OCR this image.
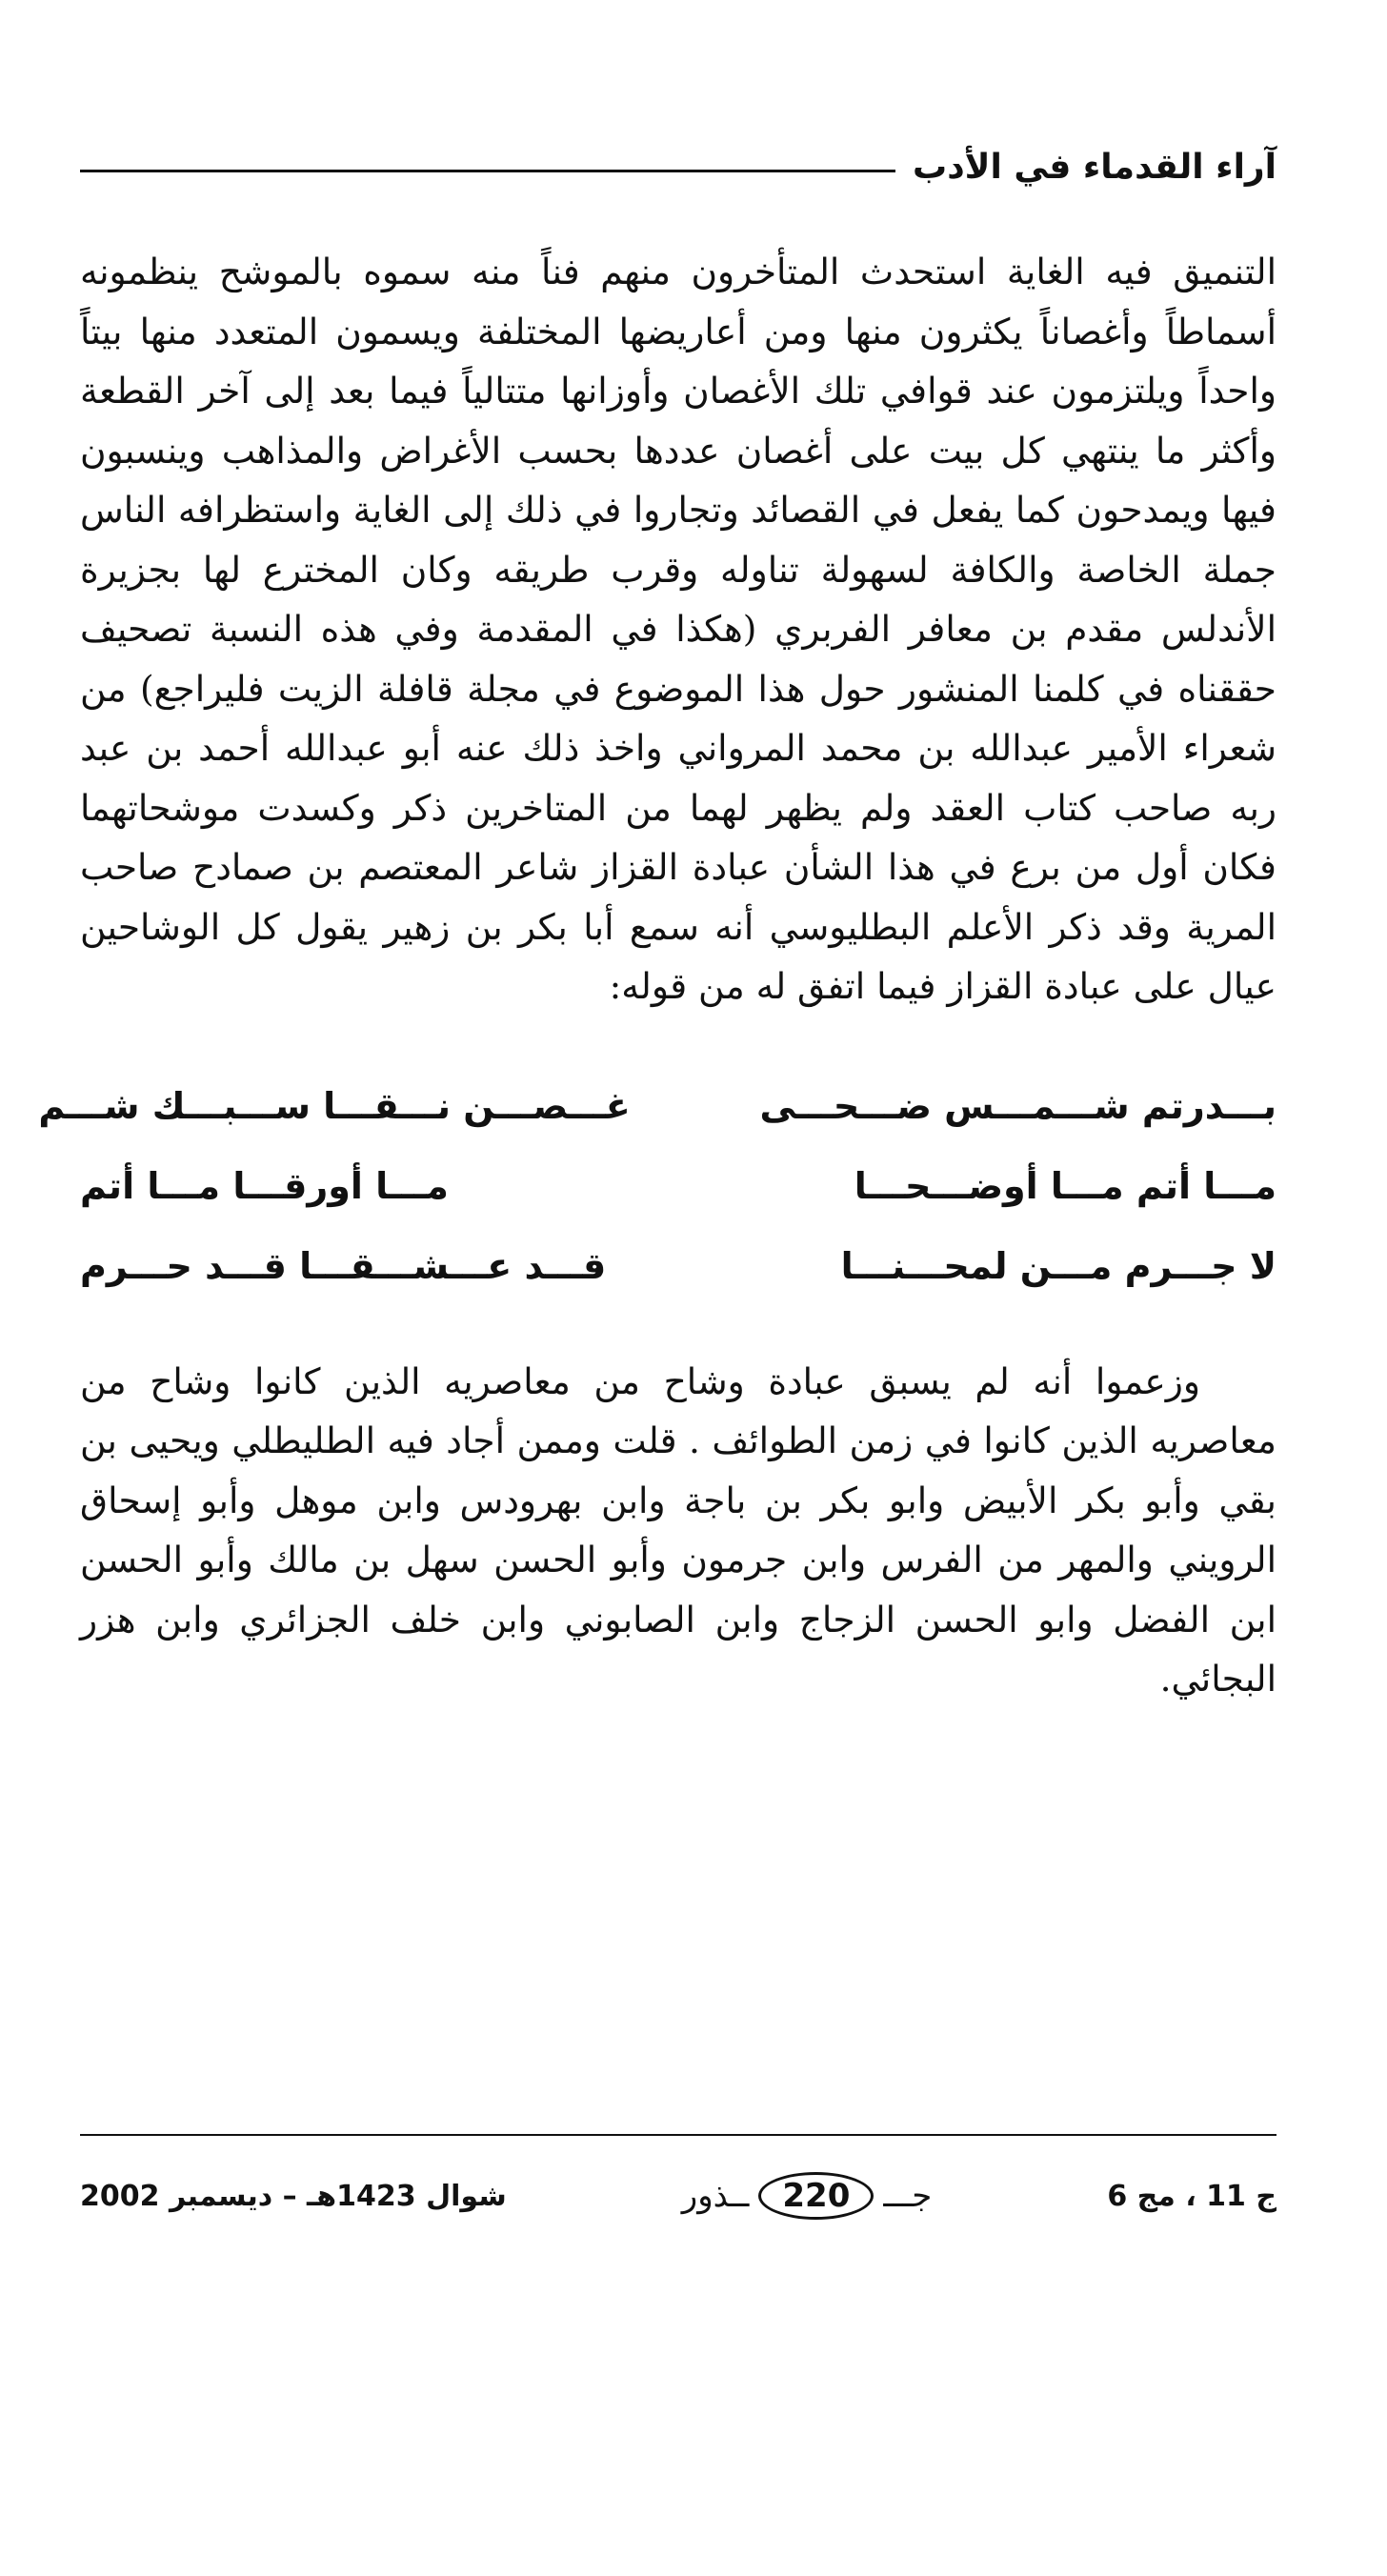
آراء القدماء في الأدب

التنميق فيه الغاية استحدث المتأخرون منهم فناً منه سموه بالموشح ينظمونه أسماطاً وأغصاناً يكثرون منها ومن أعاريضها المختلفة ويسمون المتعدد منها بيتاً واحداً ويلتزمون عند قوافي تلك الأغصان وأوزانها متتالياً فيما بعد إلى آخر القطعة وأكثر ما ينتهي كل بيت على أغصان عددها بحسب الأغراض والمذاهب وينسبون فيها ويمدحون كما يفعل في القصائد وتجاروا في ذلك إلى الغاية واستظرافه الناس جملة الخاصة والكافة لسهولة تناوله وقرب طريقه وكان المخترع لها بجزيرة الأندلس مقدم بن معافر الفربري (هكذا في المقدمة وفي هذه النسبة تصحيف حققناه في كلمنا المنشور حول هذا الموضوع في مجلة قافلة الزيت فليراجع) من شعراء الأمير عبدالله بن محمد المرواني واخذ ذلك عنه أبو عبدالله أحمد بن عبد ربه صاحب كتاب العقد ولم يظهر لهما من المتاخرين ذكر وكسدت موشحاتهما فكان أول من برع في هذا الشأن عبادة القزاز شاعر المعتصم بن صمادح صاحب المرية وقد ذكر الأعلم البطليوسي أنه سمع أبا بكر بن زهير يقول كل الوشاحين عيال على عبادة القزاز فيما اتفق له من قوله:

بـــدرتم شـــمـــس ضـــحـــى
غـــصـــن نـــقـــا ســـبـــك شـــم
مـــا أتم مـــا أوضـــحـــا
مـــا أورقـــا مـــا أتم
لا جـــرم مـــن لمحـــنـــا
قـــد عـــشـــقـــا قـــد حـــرم

وزعموا أنه لم يسبق عبادة وشاح من معاصريه الذين كانوا وشاح من معاصريه الذين كانوا في زمن الطوائف . قلت وممن أجاد فيه الطليطلي ويحيى بن بقي وأبو بكر الأبيض وابو بكر بن باجة وابن بهرودس وابن موهل وأبو إسحاق الرويني والمهر من الفرس وابن جرمون وأبو الحسن سهل بن مالك وأبو الحسن ابن الفضل وابو الحسن الزجاج وابن الصابوني وابن خلف الجزائري وابن هزر البجائي.

ج 11 ، مج 6
جـــ
220
ــذور
شوال 1423هـ – ديسمبر 2002
